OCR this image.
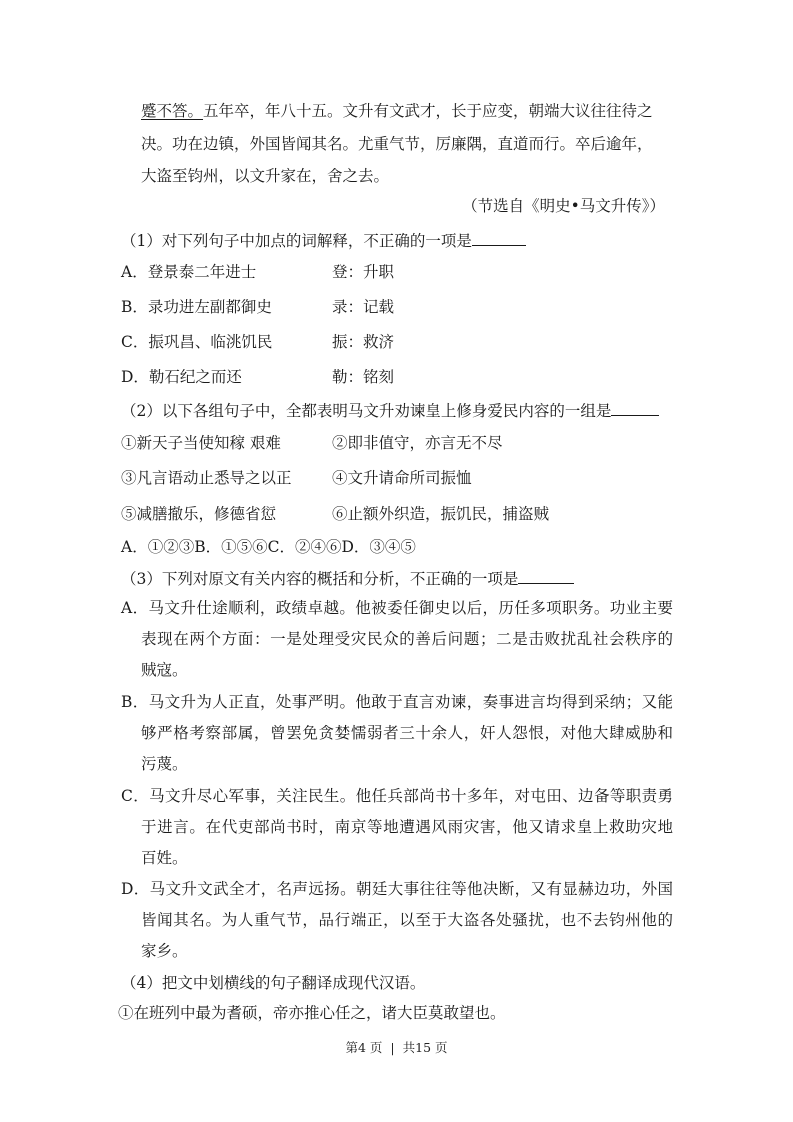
蹙不答。五年卒，年八十五。文升有文武才，长于应变，朝端大议往往待之
决。功在边镇，外国皆闻其名。尤重气节，厉廉隅，直道而行。卒后逾年，
大盗至钧州，以文升家在，舍之去。
（节选自《明史•马文升传》）
（1）对下列句子中加点的词解释，不正确的一项是
A．登景泰二年进士	登：升职
B．录功进左副都御史	录：记载
C．振巩昌、临洮饥民	振：救济
D．勒石纪之而还	勒：铭刻
（2）以下各组句子中，全都表明马文升劝谏皇上修身爱民内容的一组是
①新天子当使知稼 艰难	②即非值守，亦言无不尽
③凡言语动止悉导之以正	④文升请命所司振恤
⑤减膳撤乐，修德省愆	⑥止额外织造，振饥民，捕盗贼
A．①②③B．①⑤⑥C．②④⑥D．③④⑤
（3）下列对原文有关内容的概括和分析，不正确的一项是
A．马文升仕途顺利，政绩卓越。他被委任御史以后，历任多项职务。功业主要
表现在两个方面：一是处理受灾民众的善后问题；二是击败扰乱社会秩序的
贼寇。
B．马文升为人正直，处事严明。他敢于直言劝谏，奏事进言均得到采纳；又能
够严格考察部属，曾罢免贪婪懦弱者三十余人，奸人怨恨，对他大肆威胁和
污蔑。
C．马文升尽心军事，关注民生。他任兵部尚书十多年，对屯田、边备等职责勇
于进言。在代吏部尚书时，南京等地遭遇风雨灾害，他又请求皇上救助灾地
百姓。
D．马文升文武全才，名声远扬。朝廷大事往往等他决断，又有显赫边功，外国
皆闻其名。为人重气节，品行端正，以至于大盗各处骚扰，也不去钧州他的
家乡。
（4）把文中划横线的句子翻译成现代汉语。
①在班列中最为耆硕，帝亦推心任之，诸大臣莫敢望也。
第4 页 | 共15 页
